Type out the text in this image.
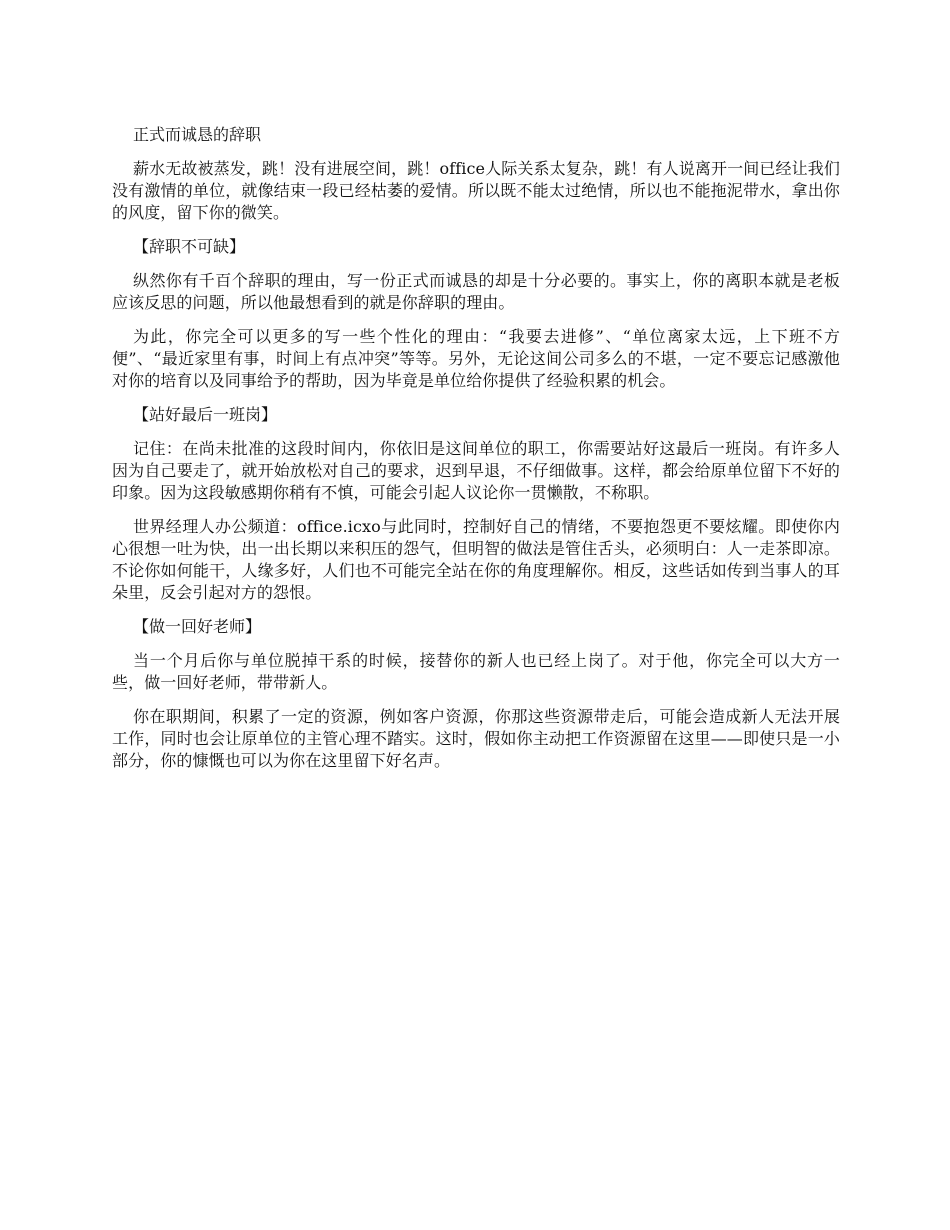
正式而诚恳的辞职

薪水无故被蒸发，跳！没有进展空间，跳！office人际关系太复杂，跳！有人说离开一间已经让我们没有激情的单位，就像结束一段已经枯萎的爱情。所以既不能太过绝情，所以也不能拖泥带水，拿出你的风度，留下你的微笑。

【辞职不可缺】

纵然你有千百个辞职的理由，写一份正式而诚恳的却是十分必要的。事实上，你的离职本就是老板应该反思的问题，所以他最想看到的就是你辞职的理由。

为此，你完全可以更多的写一些个性化的理由：“我要去进修”、“单位离家太远，上下班不方便”、“最近家里有事，时间上有点冲突”等等。另外，无论这间公司多么的不堪，一定不要忘记感激他对你的培育以及同事给予的帮助，因为毕竟是单位给你提供了经验积累的机会。

【站好最后一班岗】

记住：在尚未批准的这段时间内，你依旧是这间单位的职工，你需要站好这最后一班岗。有许多人因为自己要走了，就开始放松对自己的要求，迟到早退，不仔细做事。这样，都会给原单位留下不好的印象。因为这段敏感期你稍有不慎，可能会引起人议论你一贯懒散，不称职。

世界经理人办公频道：office.icxo与此同时，控制好自己的情绪，不要抱怨更不要炫耀。即使你内心很想一吐为快，出一出长期以来积压的怨气，但明智的做法是管住舌头，必须明白：人一走茶即凉。不论你如何能干，人缘多好，人们也不可能完全站在你的角度理解你。相反，这些话如传到当事人的耳朵里，反会引起对方的怨恨。

【做一回好老师】

当一个月后你与单位脱掉干系的时候，接替你的新人也已经上岗了。对于他，你完全可以大方一些，做一回好老师，带带新人。

你在职期间，积累了一定的资源，例如客户资源，你那这些资源带走后，可能会造成新人无法开展工作，同时也会让原单位的主管心理不踏实。这时，假如你主动把工作资源留在这里——即使只是一小部分，你的慷慨也可以为你在这里留下好名声。
